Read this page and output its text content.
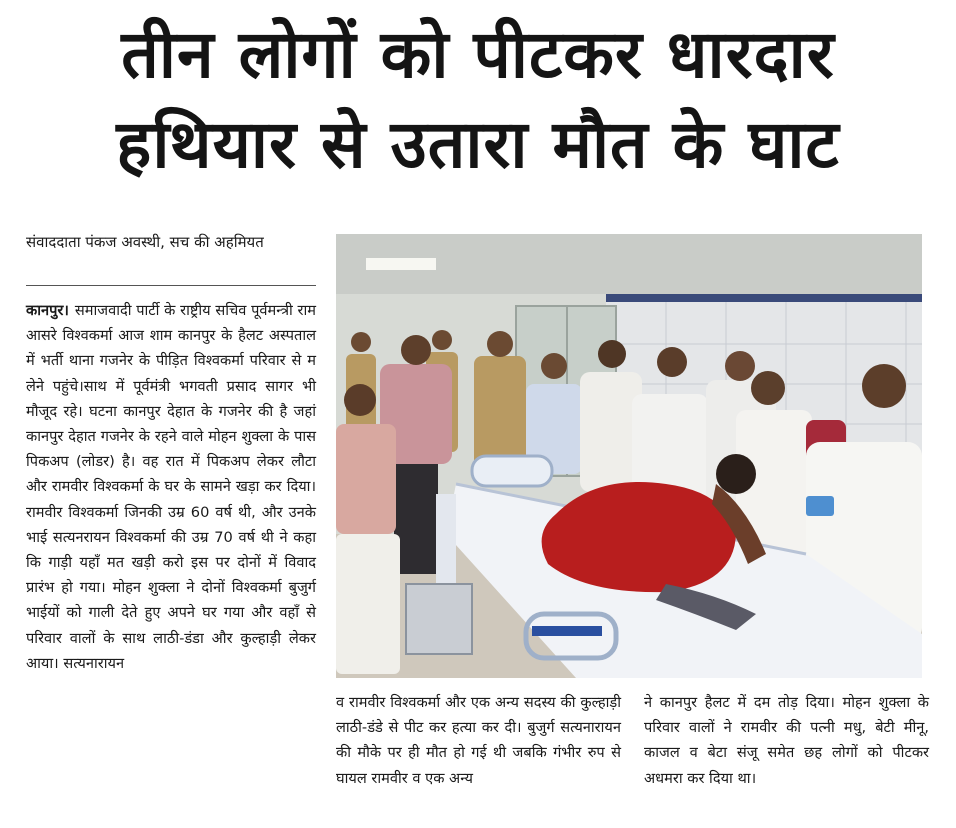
तीन लोगों को पीटकर धारदार
हथियार से उतारा मौत के घाट
संवाददाता पंकज अवस्थी, सच की अहमियत
कानपुर। समाजवादी पार्टी के राष्ट्रीय सचिव पूर्वमन्त्री राम आसरे विश्वकर्मा आज शाम कानपुर के हैलट अस्पताल में भर्ती थाना गजनेर के पीड़ित विश्वकर्मा परिवार से म लेने पहुंचे।साथ में पूर्वमंत्री भगवती प्रसाद सागर भी मौजूद रहे। घटना कानपुर देहात के गजनेर की है जहां कानपुर देहात गजनेर के रहने वाले मोहन शुक्ला के पास पिकअप (लोडर) है। वह रात में पिकअप लेकर लौटा और रामवीर विश्वकर्मा के घर के सामने खड़ा कर दिया। रामवीर विश्वकर्मा जिनकी उम्र 60 वर्ष थी, और उनके भाई सत्यनरायन विश्वकर्मा की उम्र 70 वर्ष थी ने कहा कि गाड़ी यहाँ मत खड़ी करो इस पर दोनों में विवाद प्रारंभ हो गया। मोहन शुक्ला ने दोनों विश्वकर्मा बुजुर्ग भाईयों को गाली देते हुए अपने घर गया और वहाँ से परिवार वालों के साथ लाठी-डंडा और कुल्हाड़ी लेकर आया। सत्यनारायन
व रामवीर विश्वकर्मा और एक अन्य सदस्य की कुल्हाड़ी लाठी-डंडे से पीट कर हत्या कर दी। बुजुर्ग सत्यनारायन की मौके पर ही मौत हो गई थी जबकि गंभीर रुप से घायल रामवीर व एक अन्य
ने कानपुर हैलट में दम तोड़ दिया। मोहन शुक्ला के परिवार वालों ने रामवीर की पत्नी मधु, बेटी मीनू, काजल व बेटा संजू समेत छह लोगों को पीटकर अधमरा कर दिया था।
